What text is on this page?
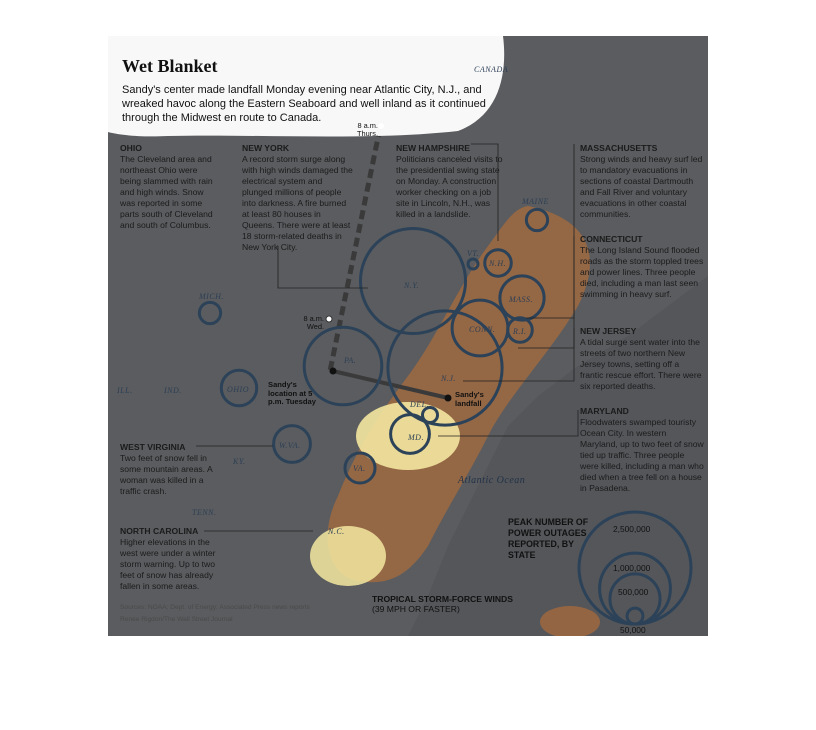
Wet Blanket
Sandy's center made landfall Monday evening near Atlantic City, N.J., and wreaked havoc along the Eastern Seaboard and well inland as it continued through the Midwest en route to Canada.
OHIO
The Cleveland area and northeast Ohio were being slammed with rain and high winds. Snow was reported in some parts south of Cleveland and south of Columbus.
NEW YORK
A record storm surge along with high winds damaged the electrical system and plunged millions of people into darkness. A fire burned at least 80 houses in Queens. There were at least 18 storm-related deaths in New York City.
NEW HAMPSHIRE
Politicians canceled visits to the presidential swing state on Monday. A construction worker checking on a job site in Lincoln, N.H., was killed in a landslide.
MASSACHUSETTS
Strong winds and heavy surf led to mandatory evacuations in sections of coastal Dartmouth and Fall River and voluntary evacuations in other coastal communities.
CONNECTICUT
The Long Island Sound flooded roads as the storm toppled trees and power lines. Three people died, including a man last seen swimming in heavy surf.
NEW JERSEY
A tidal surge sent water into the streets of two northern New Jersey towns, setting off a frantic rescue effort. There were six reported deaths.
MARYLAND
Floodwaters swamped touristy Ocean City. In western Maryland, up to two feet of snow tied up traffic. Three people were killed, including a man who died when a tree fell on a house in Pasadena.
WEST VIRGINIA
Two feet of snow fell in some mountain areas. A woman was killed in a traffic crash.
NORTH CAROLINA
Higher elevations in the west were under a winter storm warning. Up to two feet of snow has already fallen in some areas.
CANADA
MAINE
VT.
N.H.
MASS.
CONN. R.I.
N.Y.
MICH.
PA.
N.J.
DEL.
MD.
OHIO
ILL.	IND.
W.VA.
VA.
KY.
TENN.
N.C.
Atlantic Ocean
8 a.m.
Thurs.
8 a.m.
Wed.
Sandy's location at 5 p.m. Tuesday
Sandy's landfall
PEAK NUMBER OF POWER OUTAGES REPORTED, BY STATE
2,500,000
1,000,000
500,000
50,000
TROPICAL STORM-FORCE WINDS
(39 MPH OR FASTER)
Sources: NOAA; Dept. of Energy; Associated Press news reports
Renee Rigdon/The Wall Street Journal
